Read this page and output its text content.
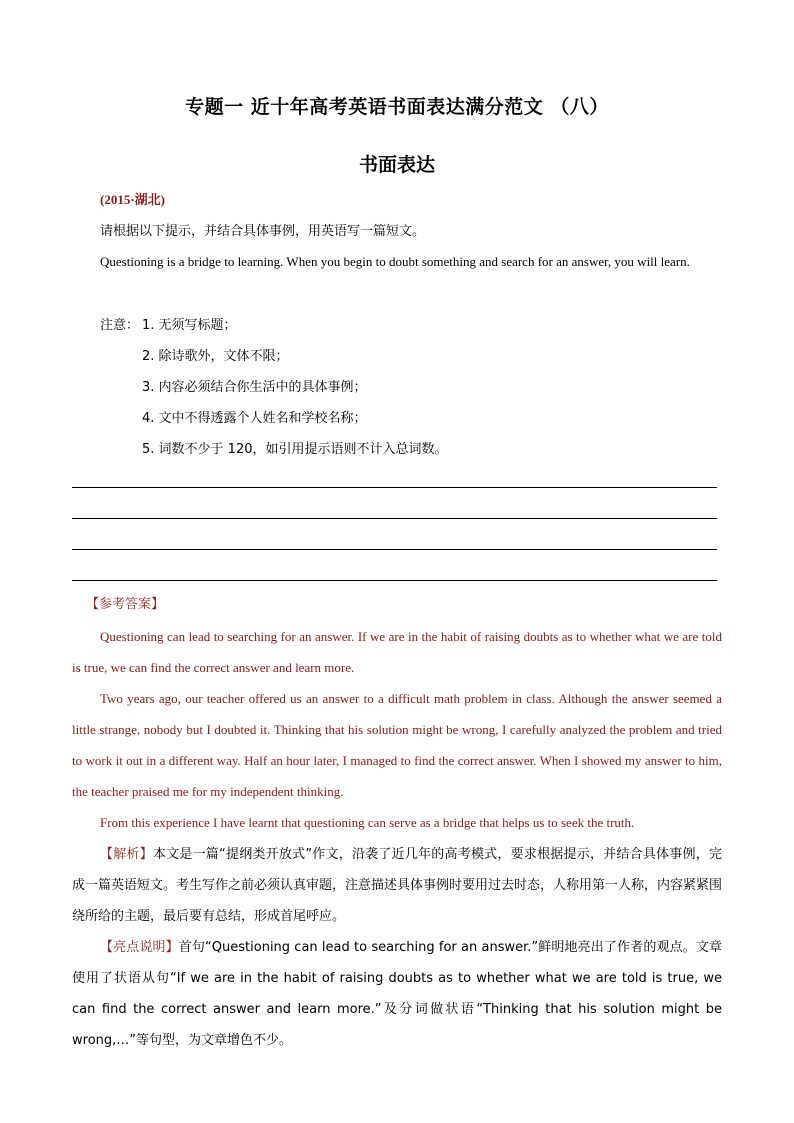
专题一 近十年高考英语书面表达满分范文 （八）
书面表达
(2015·湖北)
请根据以下提示，并结合具体事例，用英语写一篇短文。
Questioning is a bridge to learning. When you begin to doubt something and search for an answer, you will learn.
注意： 1. 无须写标题；
2. 除诗歌外，文体不限；
3. 内容必须结合你生活中的具体事例；
4. 文中不得透露个人姓名和学校名称；
5. 词数不少于 120，如引用提示语则不计入总词数。
【参考答案】
Questioning can lead to searching for an answer. If we are in the habit of raising doubts as to whether what we are told is true, we can find the correct answer and learn more.
Two years ago, our teacher offered us an answer to a difficult math problem in class. Although the answer seemed a little strange, nobody but I doubted it. Thinking that his solution might be wrong, I carefully analyzed the problem and tried to work it out in a different way. Half an hour later, I managed to find the correct answer. When I showed my answer to him, the teacher praised me for my independent thinking.
From this experience I have learnt that questioning can serve as a bridge that helps us to seek the truth.
【解析】本文是一篇“提纲类开放式”作文，沿袭了近几年的高考模式，要求根据提示，并结合具体事例，完成一篇英语短文。考生写作之前必须认真审题，注意描述具体事例时要用过去时态，人称用第一人称，内容紧紧围绕所给的主题，最后要有总结，形成首尾呼应。
【亮点说明】首句“Questioning can lead to searching for an answer.”鲜明地亮出了作者的观点。文章使用了状语从句“If we are in the habit of raising doubts as to whether what we are told is true, we can find the correct answer and learn more.”及分词做状语“Thinking that his solution might be wrong,…”等句型，为文章增色不少。
